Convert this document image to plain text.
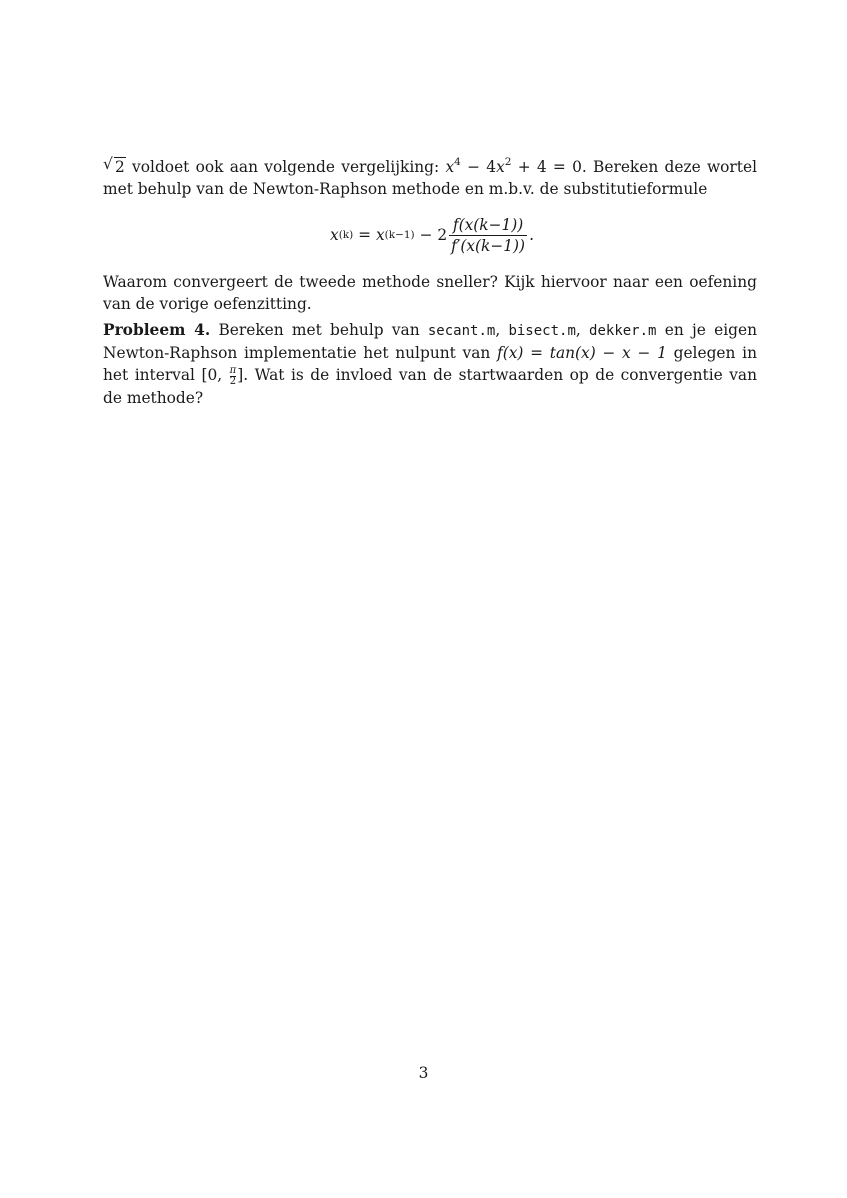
√ 2 voldoet ook aan volgende vergelijking: $x^4 - 4x^2 + 4 = 0$. Bereken deze wortel met behulp van de Newton-Raphson methode en m.b.v. de substitutieformule
x (k) = x $(k-1) - 2 \frac{f(x(k-1))}{f'(x(k-1))}$ .
Waarom convergeert de tweede methode sneller? Kijk hiervoor naar een oefening van de vorige oefenzitting.
Probleem 4. Bereken met behulp van secant.m, bisect.m, dekker.m en je eigen Newton-Raphson implementatie het nulpunt van f(x) = tan(x) − x − 1 gelegen in het interval [0, $\frac{\pi}{2}$ ]. Wat is de invloed van de startwaarden op de convergentie van de methode?
3
